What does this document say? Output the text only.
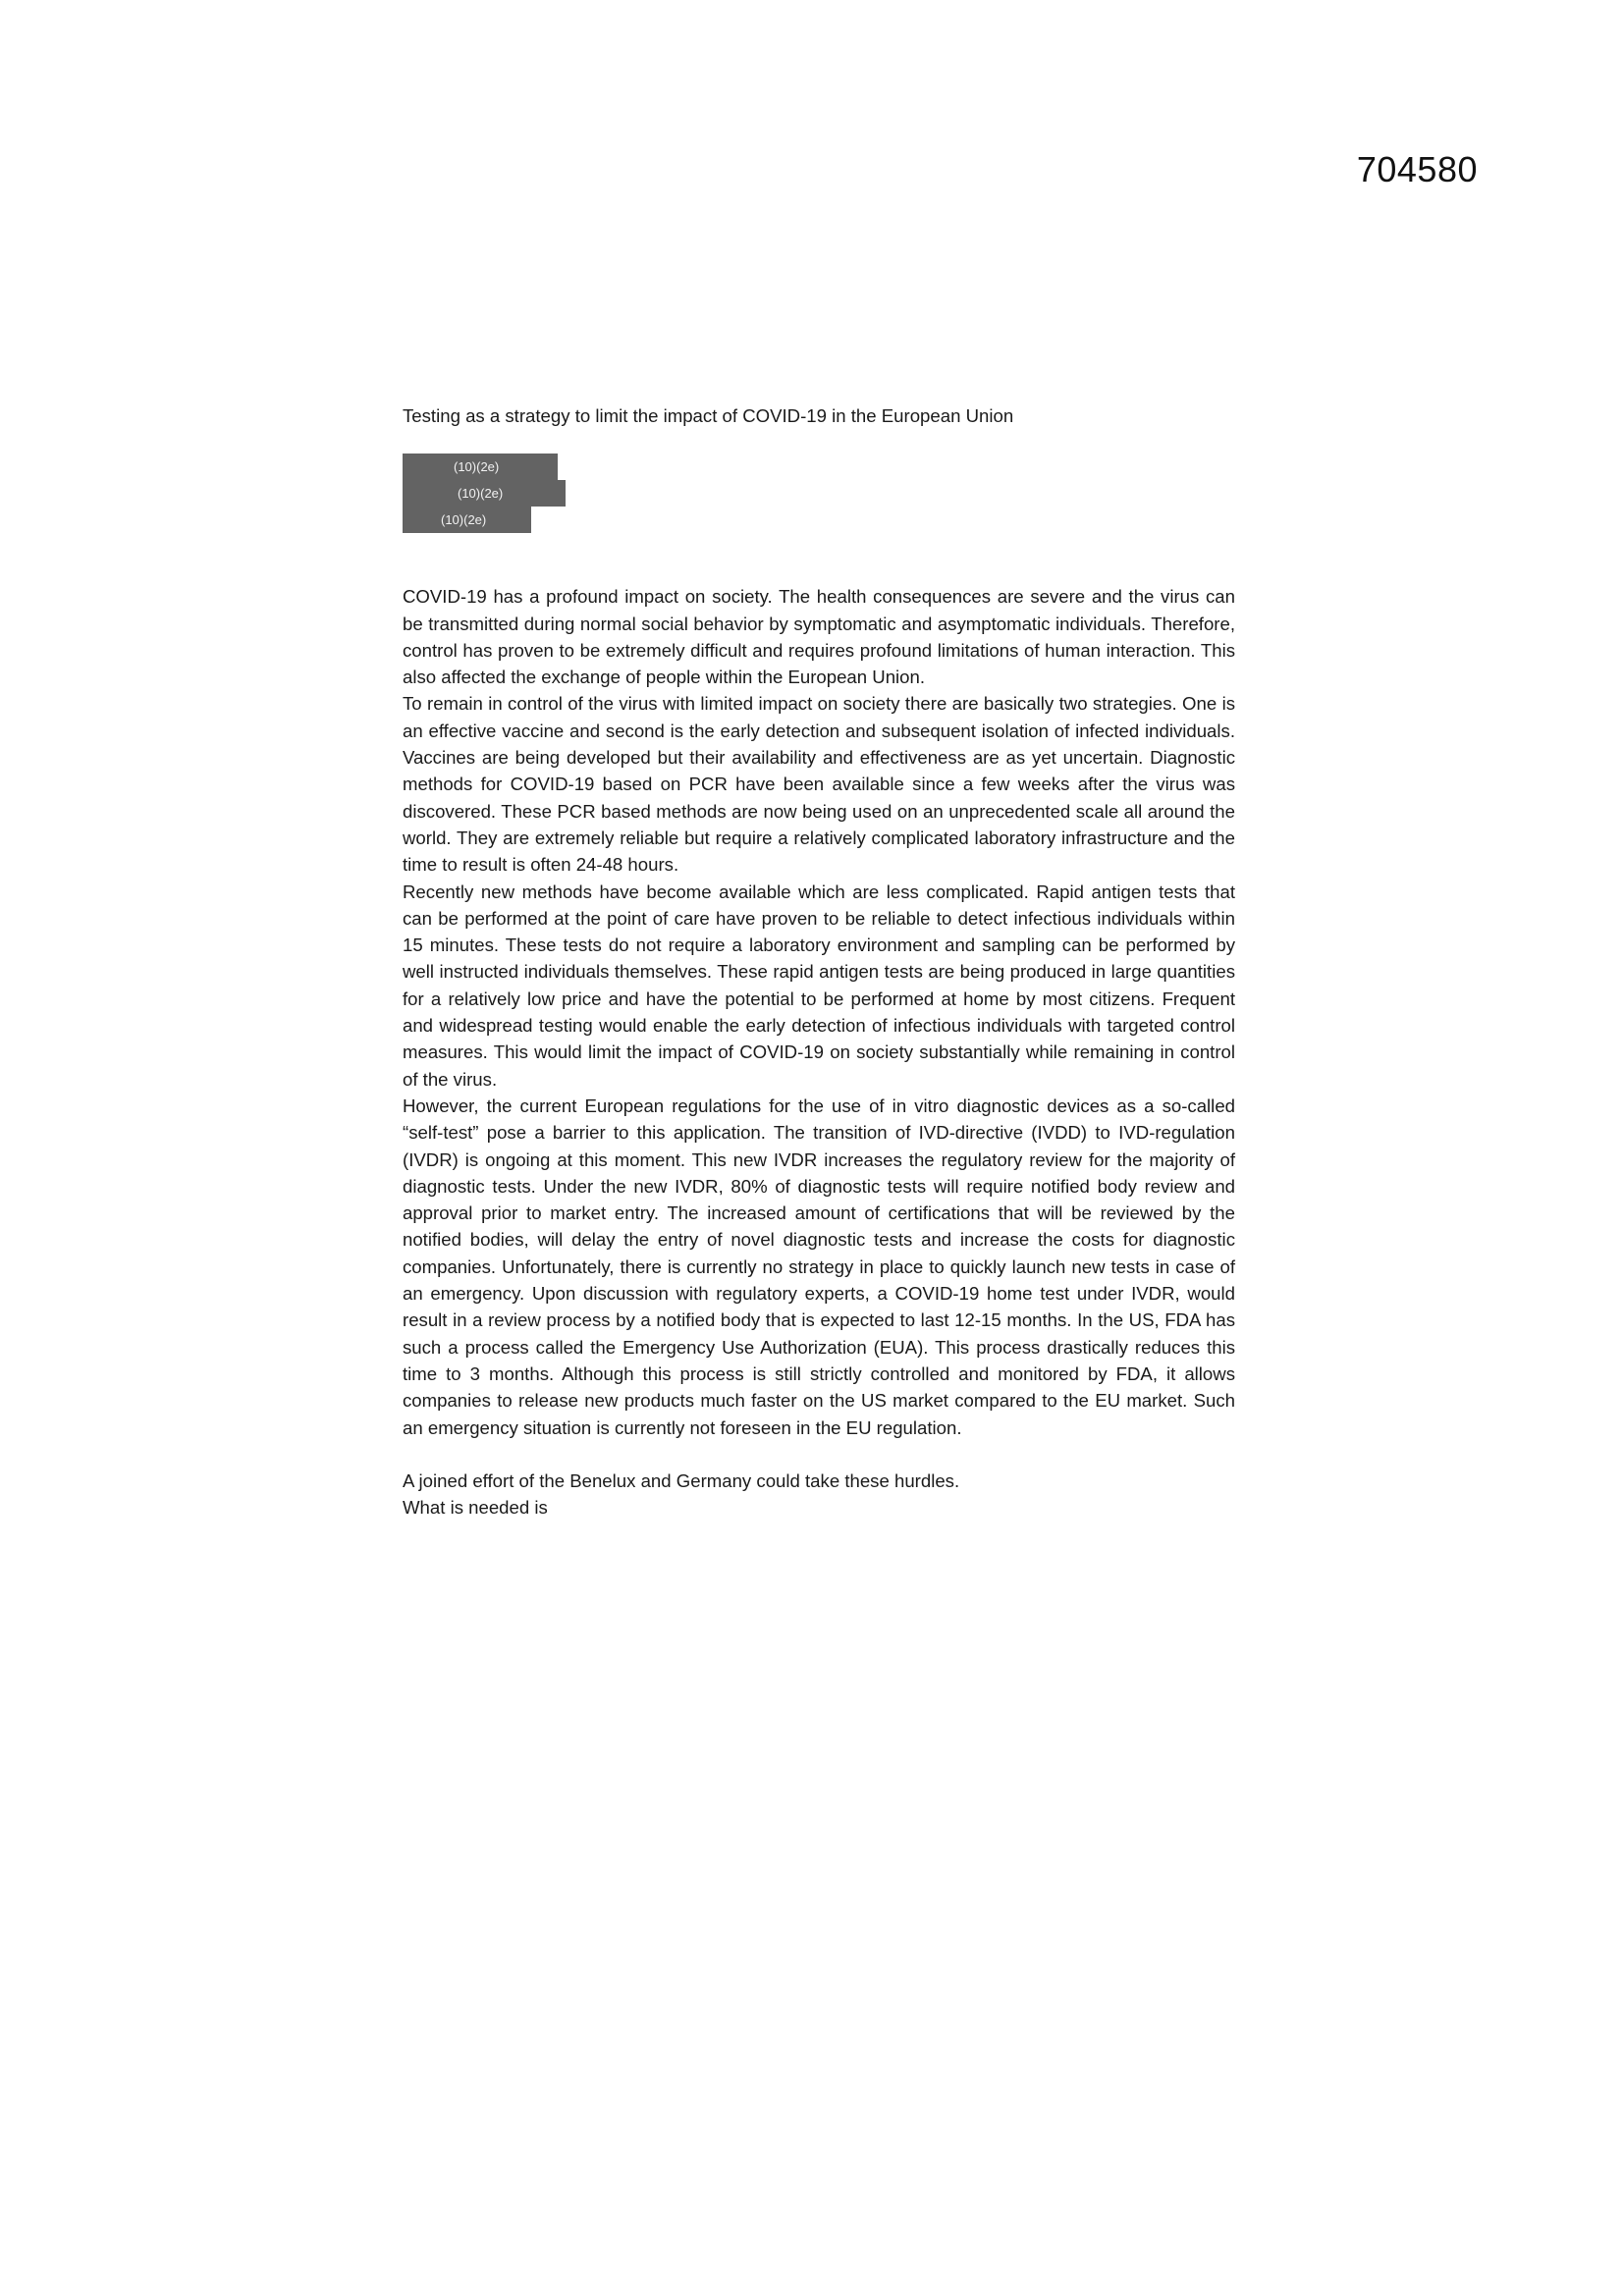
704580
Testing as a strategy to limit the impact of COVID-19 in the European Union
(10)(2e)
(10)(2e)
(10)(2e)

COVID-19 has a profound impact on society. The health consequences are severe and the virus can be transmitted during normal social behavior by symptomatic and asymptomatic individuals. Therefore, control has proven to be extremely difficult and requires profound limitations of human interaction. This also affected the exchange of people within the European Union.

To remain in control of the virus with limited impact on society there are basically two strategies. One is an effective vaccine and second is the early detection and subsequent isolation of infected individuals. Vaccines are being developed but their availability and effectiveness are as yet uncertain. Diagnostic methods for COVID-19 based on PCR have been available since a few weeks after the virus was discovered. These PCR based methods are now being used on an unprecedented scale all around the world. They are extremely reliable but require a relatively complicated laboratory infrastructure and the time to result is often 24-48 hours.

Recently new methods have become available which are less complicated. Rapid antigen tests that can be performed at the point of care have proven to be reliable to detect infectious individuals within 15 minutes. These tests do not require a laboratory environment and sampling can be performed by well instructed individuals themselves. These rapid antigen tests are being produced in large quantities for a relatively low price and have the potential to be performed at home by most citizens. Frequent and widespread testing would enable the early detection of infectious individuals with targeted control measures. This would limit the impact of COVID-19 on society substantially while remaining in control of the virus.

However, the current European regulations for the use of in vitro diagnostic devices as a so-called “self-test” pose a barrier to this application. The transition of IVD-directive (IVDD) to IVD-regulation (IVDR) is ongoing at this moment. This new IVDR increases the regulatory review for the majority of diagnostic tests. Under the new IVDR, 80% of diagnostic tests will require notified body review and approval prior to market entry. The increased amount of certifications that will be reviewed by the notified bodies, will delay the entry of novel diagnostic tests and increase the costs for diagnostic companies. Unfortunately, there is currently no strategy in place to quickly launch new tests in case of an emergency. Upon discussion with regulatory experts, a COVID-19 home test under IVDR, would result in a review process by a notified body that is expected to last 12-15 months. In the US, FDA has such a process called the Emergency Use Authorization (EUA). This process drastically reduces this time to 3 months. Although this process is still strictly controlled and monitored by FDA, it allows companies to release new products much faster on the US market compared to the EU market. Such an emergency situation is currently not foreseen in the EU regulation.

A joined effort of the Benelux and Germany could take these hurdles.

What is needed is
